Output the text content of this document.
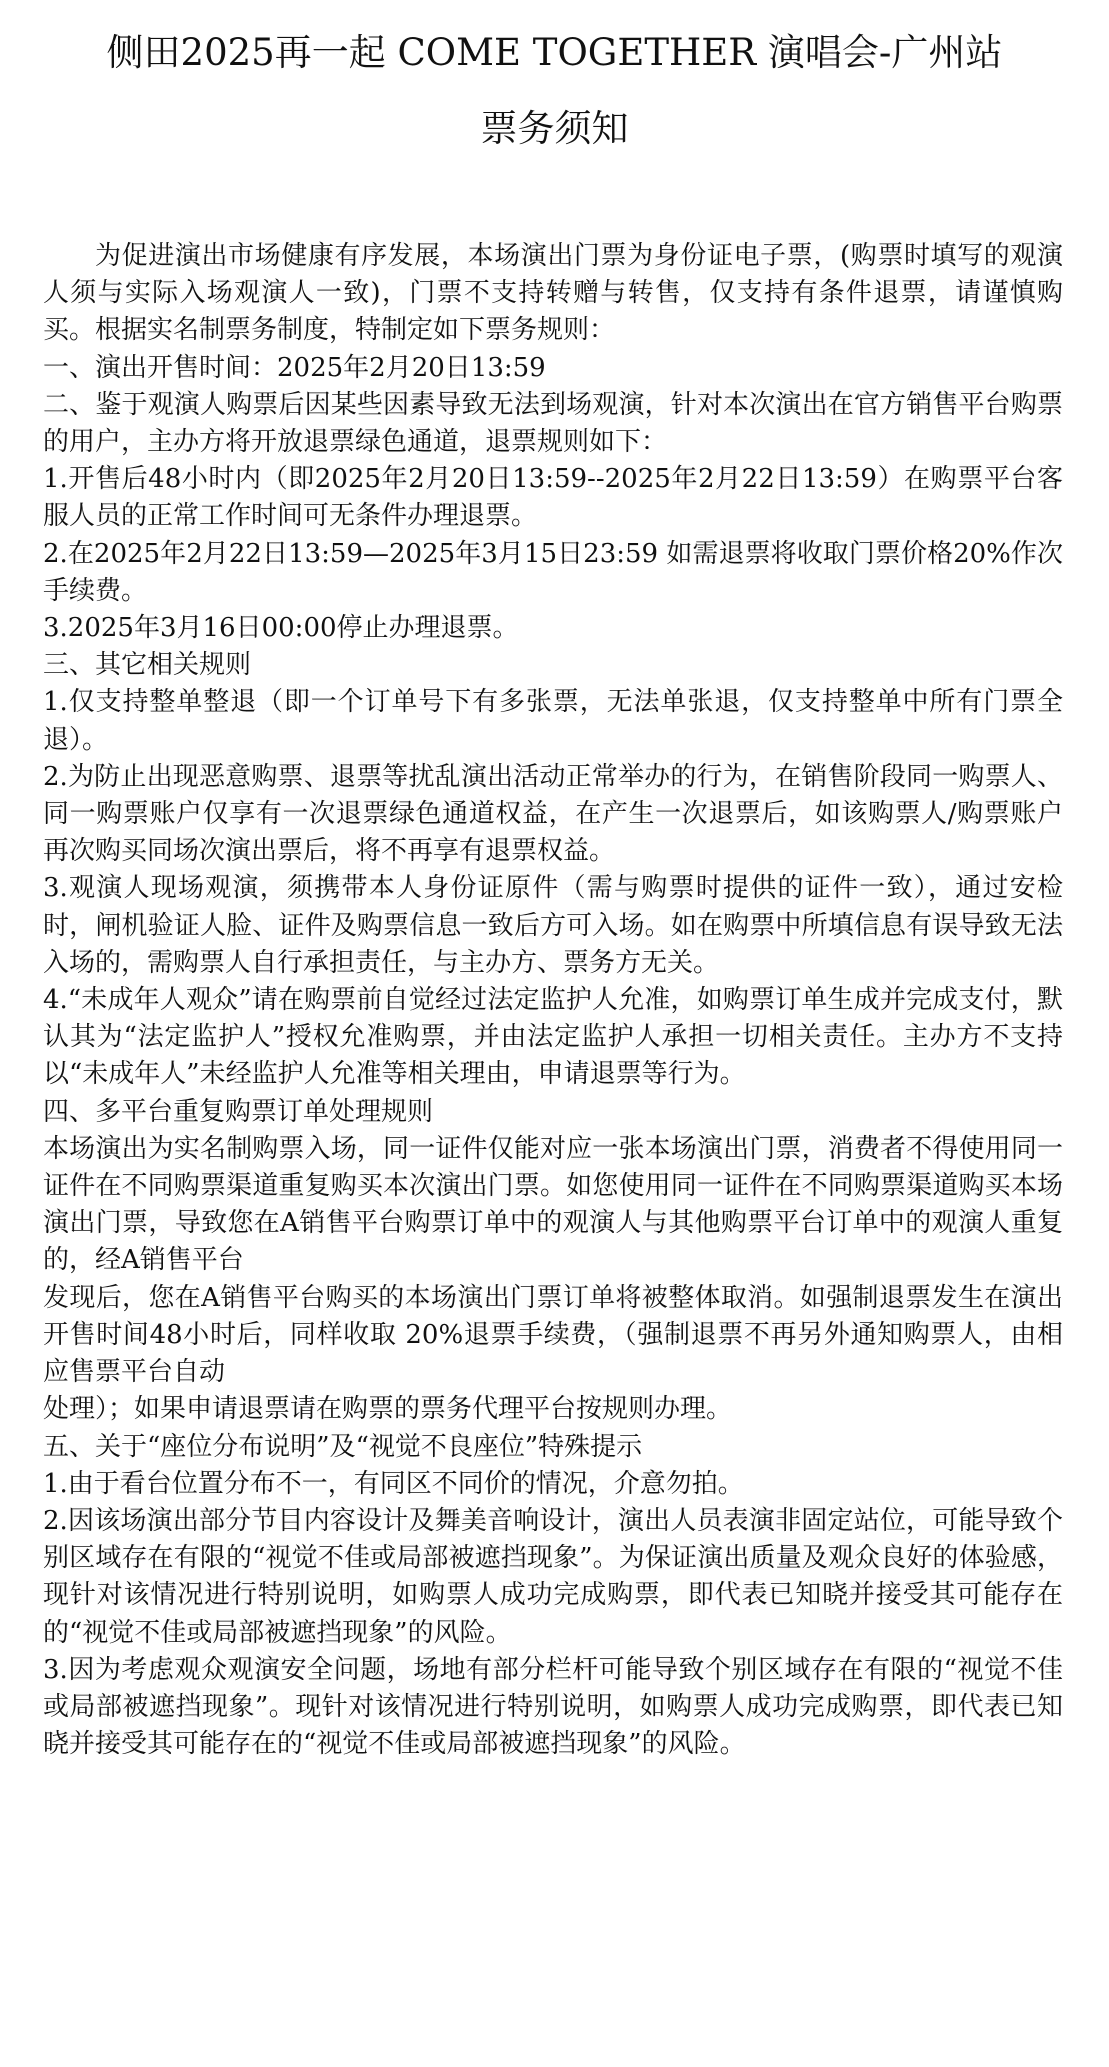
侧田2025再一起 COME TOGETHER 演唱会-广州站
票务须知

为促进演出市场健康有序发展，本场演出门票为身份证电子票，(购票时填写的观演人须与实际入场观演人一致)，门票不支持转赠与转售，仅支持有条件退票，请谨慎购买。根据实名制票务制度，特制定如下票务规则：

一、演出开售时间：2025年2月20日13:59

二、鉴于观演人购票后因某些因素导致无法到场观演，针对本次演出在官方销售平台购票的用户，主办方将开放退票绿色通道，退票规则如下：

1.开售后48小时内（即2025年2月20日13:59--2025年2月22日13:59）在购票平台客服人员的正常工作时间可无条件办理退票。

2.在2025年2月22日13:59—2025年3月15日23:59 如需退票将收取门票价格20%作次手续费。

3.2025年3月16日00:00停止办理退票。

三、其它相关规则

1.仅支持整单整退（即一个订单号下有多张票，无法单张退，仅支持整单中所有门票全退）。

2.为防止出现恶意购票、退票等扰乱演出活动正常举办的行为，在销售阶段同一购票人、同一购票账户仅享有一次退票绿色通道权益，在产生一次退票后，如该购票人/购票账户再次购买同场次演出票后，将不再享有退票权益。

3.观演人现场观演，须携带本人身份证原件（需与购票时提供的证件一致），通过安检时，闸机验证人脸、证件及购票信息一致后方可入场。如在购票中所填信息有误导致无法入场的，需购票人自行承担责任，与主办方、票务方无关。

4.“未成年人观众”请在购票前自觉经过法定监护人允准，如购票订单生成并完成支付，默认其为“法定监护人”授权允准购票，并由法定监护人承担一切相关责任。主办方不支持以“未成年人”未经监护人允准等相关理由，申请退票等行为。

四、多平台重复购票订单处理规则

本场演出为实名制购票入场，同一证件仅能对应一张本场演出门票，消费者不得使用同一证件在不同购票渠道重复购买本次演出门票。如您使用同一证件在不同购票渠道购买本场演出门票，导致您在A销售平台购票订单中的观演人与其他购票平台订单中的观演人重复的，经A销售平台

发现后，您在A销售平台购买的本场演出门票订单将被整体取消。如强制退票发生在演出开售时间48小时后，同样收取 20%退票手续费，（强制退票不再另外通知购票人，由相应售票平台自动

处理）；如果申请退票请在购票的票务代理平台按规则办理。

五、关于“座位分布说明”及“视觉不良座位”特殊提示

1.由于看台位置分布不一，有同区不同价的情况，介意勿拍。

2.因该场演出部分节目内容设计及舞美音响设计，演出人员表演非固定站位，可能导致个别区域存在有限的“视觉不佳或局部被遮挡现象”。为保证演出质量及观众良好的体验感，现针对该情况进行特别说明，如购票人成功完成购票，即代表已知晓并接受其可能存在的“视觉不佳或局部被遮挡现象”的风险。

3.因为考虑观众观演安全问题，场地有部分栏杆可能导致个别区域存在有限的“视觉不佳或局部被遮挡现象”。现针对该情况进行特别说明，如购票人成功完成购票，即代表已知晓并接受其可能存在的“视觉不佳或局部被遮挡现象”的风险。
